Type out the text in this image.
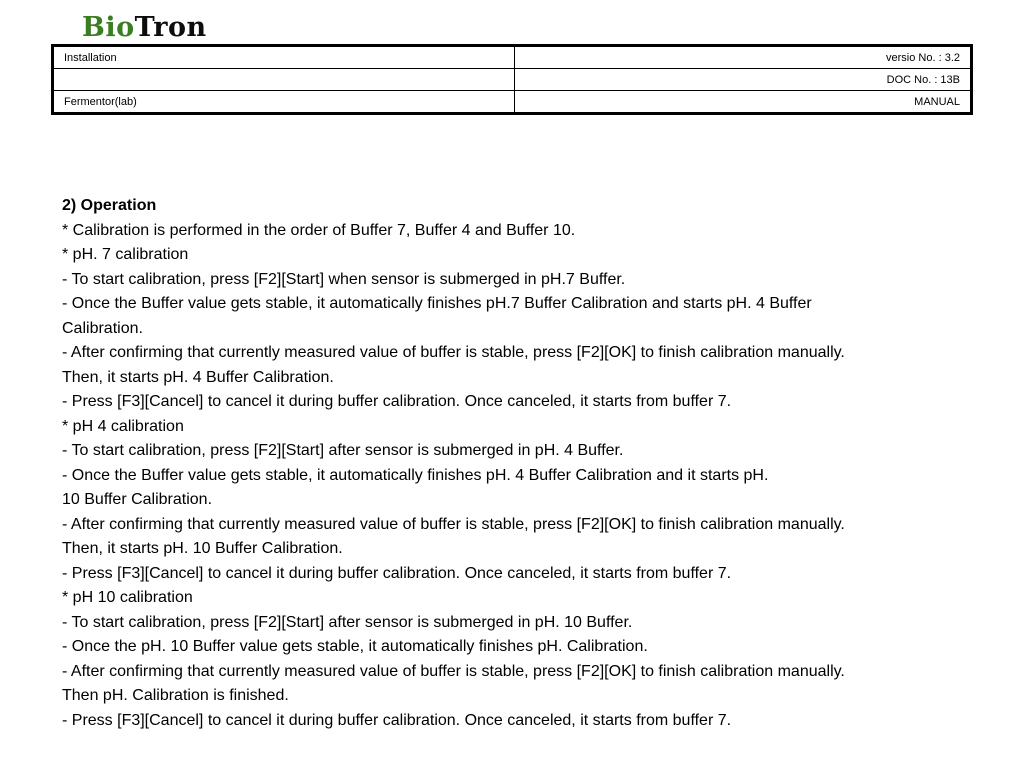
BioTron
Installation	versio No. : 3.2
	DOC No. : 13B
Fermentor(lab)	MANUAL
2) Operation
* Calibration is performed in the order of Buffer 7, Buffer 4 and Buffer 10.
* pH. 7 calibration
- To start calibration, press [F2][Start] when sensor is submerged in pH.7 Buffer.
- Once the Buffer value gets stable, it automatically finishes pH.7 Buffer Calibration and starts pH. 4 Buffer
Calibration.
- After confirming that currently measured value of buffer is stable, press [F2][OK] to finish calibration manually.
Then, it starts pH. 4 Buffer Calibration.
- Press [F3][Cancel] to cancel it during buffer calibration. Once canceled, it starts from buffer 7.
* pH 4 calibration
- To start calibration, press [F2][Start] after sensor is submerged in pH. 4 Buffer.
- Once the Buffer value gets stable, it automatically finishes pH. 4 Buffer Calibration and it starts pH.
10 Buffer Calibration.
- After confirming that currently measured value of buffer is stable, press [F2][OK] to finish calibration manually.
Then, it starts pH. 10 Buffer Calibration.
- Press [F3][Cancel] to cancel it during buffer calibration. Once canceled, it starts from buffer 7.
* pH 10 calibration
- To start calibration, press [F2][Start] after sensor is submerged in pH. 10 Buffer.
- Once the pH. 10 Buffer value gets stable, it automatically finishes pH. Calibration.
- After confirming that currently measured value of buffer is stable, press [F2][OK] to finish calibration manually.
Then pH. Calibration is finished.
- Press [F3][Cancel] to cancel it during buffer calibration. Once canceled, it starts from buffer 7.
